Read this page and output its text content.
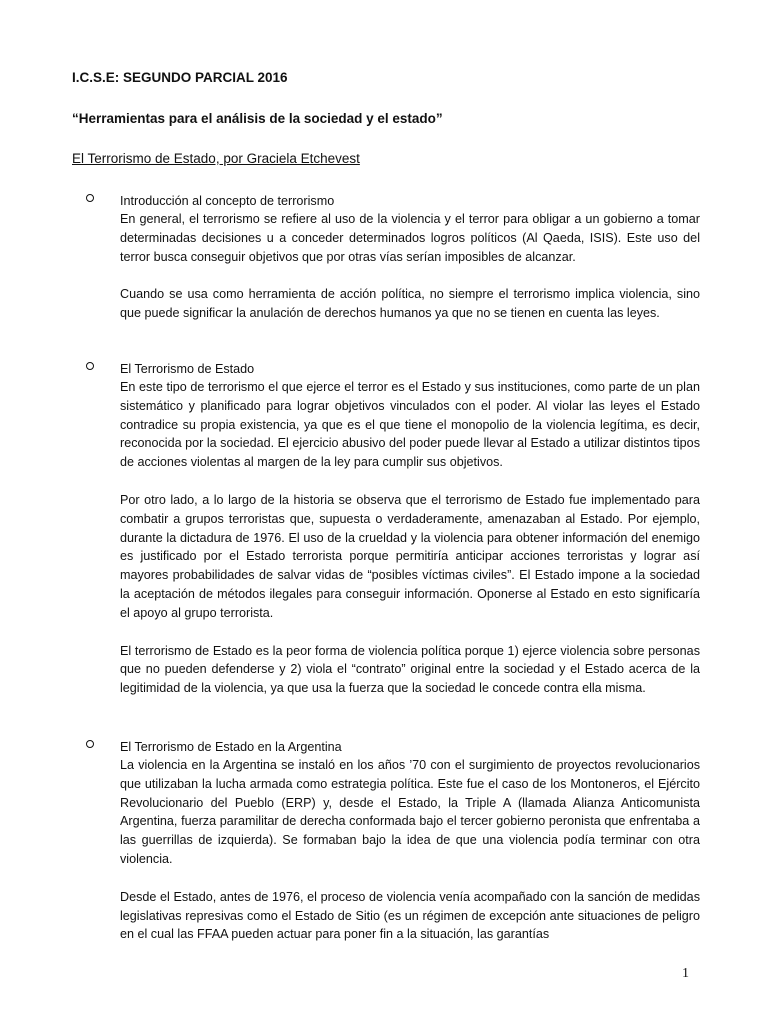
I.C.S.E: SEGUNDO PARCIAL 2016
“Herramientas para el análisis de la sociedad y el estado”
El Terrorismo de Estado, por Graciela Etchevest
Introducción al concepto de terrorismo

En general, el terrorismo se refiere al uso de la violencia y el terror para obligar a un gobierno a tomar determinadas decisiones u a conceder determinados logros políticos (Al Qaeda, ISIS). Este uso del terror busca conseguir objetivos que por otras vías serían imposibles de alcanzar.

Cuando se usa como herramienta de acción política, no siempre el terrorismo implica violencia, sino que puede significar la anulación de derechos humanos ya que no se tienen en cuenta las leyes.

El Terrorismo de Estado

En este tipo de terrorismo el que ejerce el terror es el Estado y sus instituciones, como parte de un plan sistemático y planificado para lograr objetivos vinculados con el poder. Al violar las leyes el Estado contradice su propia existencia, ya que es el que tiene el monopolio de la violencia legítima, es decir, reconocida por la sociedad. El ejercicio abusivo del poder puede llevar al Estado a utilizar distintos tipos de acciones violentas al margen de la ley para cumplir sus objetivos.

Por otro lado, a lo largo de la historia se observa que el terrorismo de Estado fue implementado para combatir a grupos terroristas que, supuesta o verdaderamente, amenazaban al Estado. Por ejemplo, durante la dictadura de 1976. El uso de la crueldad y la violencia para obtener información del enemigo es justificado por el Estado terrorista porque permitiría anticipar acciones terroristas y lograr así mayores probabilidades de salvar vidas de “posibles víctimas civiles”. El Estado impone a la sociedad la aceptación de métodos ilegales para conseguir información. Oponerse al Estado en esto significaría el apoyo al grupo terrorista.

El terrorismo de Estado es la peor forma de violencia política porque 1) ejerce violencia sobre personas que no pueden defenderse y 2) viola el “contrato” original entre la sociedad y el Estado acerca de la legitimidad de la violencia, ya que usa la fuerza que la sociedad le concede contra ella misma.

El Terrorismo de Estado en la Argentina

La violencia en la Argentina se instaló en los años ’70 con el surgimiento de proyectos revolucionarios que utilizaban la lucha armada como estrategia política. Este fue el caso de los Montoneros, el Ejército Revolucionario del Pueblo (ERP) y, desde el Estado, la Triple A (llamada Alianza Anticomunista Argentina, fuerza paramilitar de derecha conformada bajo el tercer gobierno peronista que enfrentaba a las guerrillas de izquierda). Se formaban bajo la idea de que una violencia podía terminar con otra violencia.

Desde el Estado, antes de 1976, el proceso de violencia venía acompañado con la sanción de medidas legislativas represivas como el Estado de Sitio (es un régimen de excepción ante situaciones de peligro en el cual las FFAA pueden actuar para poner fin a la situación, las garantías

1
